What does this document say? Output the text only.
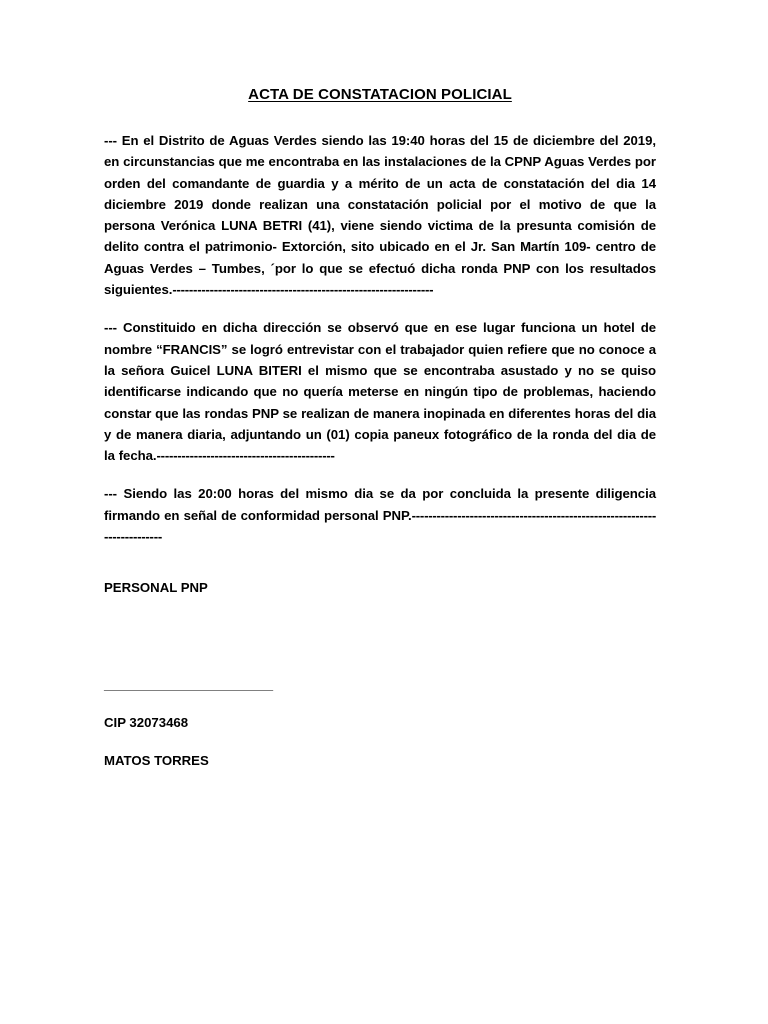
ACTA DE CONSTATACION POLICIAL

--- En el Distrito de Aguas Verdes siendo las 19:40 horas del 15 de diciembre del 2019, en circunstancias que me encontraba en las instalaciones de la CPNP Aguas Verdes por orden del comandante de guardia y a mérito de un acta de constatación del dia 14 diciembre 2019 donde realizan una constatación policial por el motivo de que la persona Verónica LUNA BETRI (41), viene siendo victima de la presunta comisión de delito contra el patrimonio- Extorción, sito ubicado en el Jr. San Martín 109- centro de Aguas Verdes – Tumbes, ´por lo que se efectuó dicha ronda PNP con los resultados siguientes.---------------------------------------------------------------

--- Constituido en dicha dirección se observó que en ese lugar funciona un hotel de nombre “FRANCIS” se logró entrevistar con el trabajador quien refiere que no conoce a la señora Guicel LUNA BITERI el mismo que se encontraba asustado y no se quiso identificarse indicando que no quería meterse en ningún tipo de problemas, haciendo constar que las rondas PNP se realizan de manera inopinada en diferentes horas del dia y de manera diaria, adjuntando un (01) copia paneux fotográfico de la ronda del dia de la fecha.-------------------------------------------

--- Siendo las 20:00 horas del mismo dia se da por concluida la presente diligencia firmando en señal de conformidad personal PNP.-------------------------------------------------------------------------

PERSONAL PNP

________________________

CIP 32073468

MATOS TORRES
